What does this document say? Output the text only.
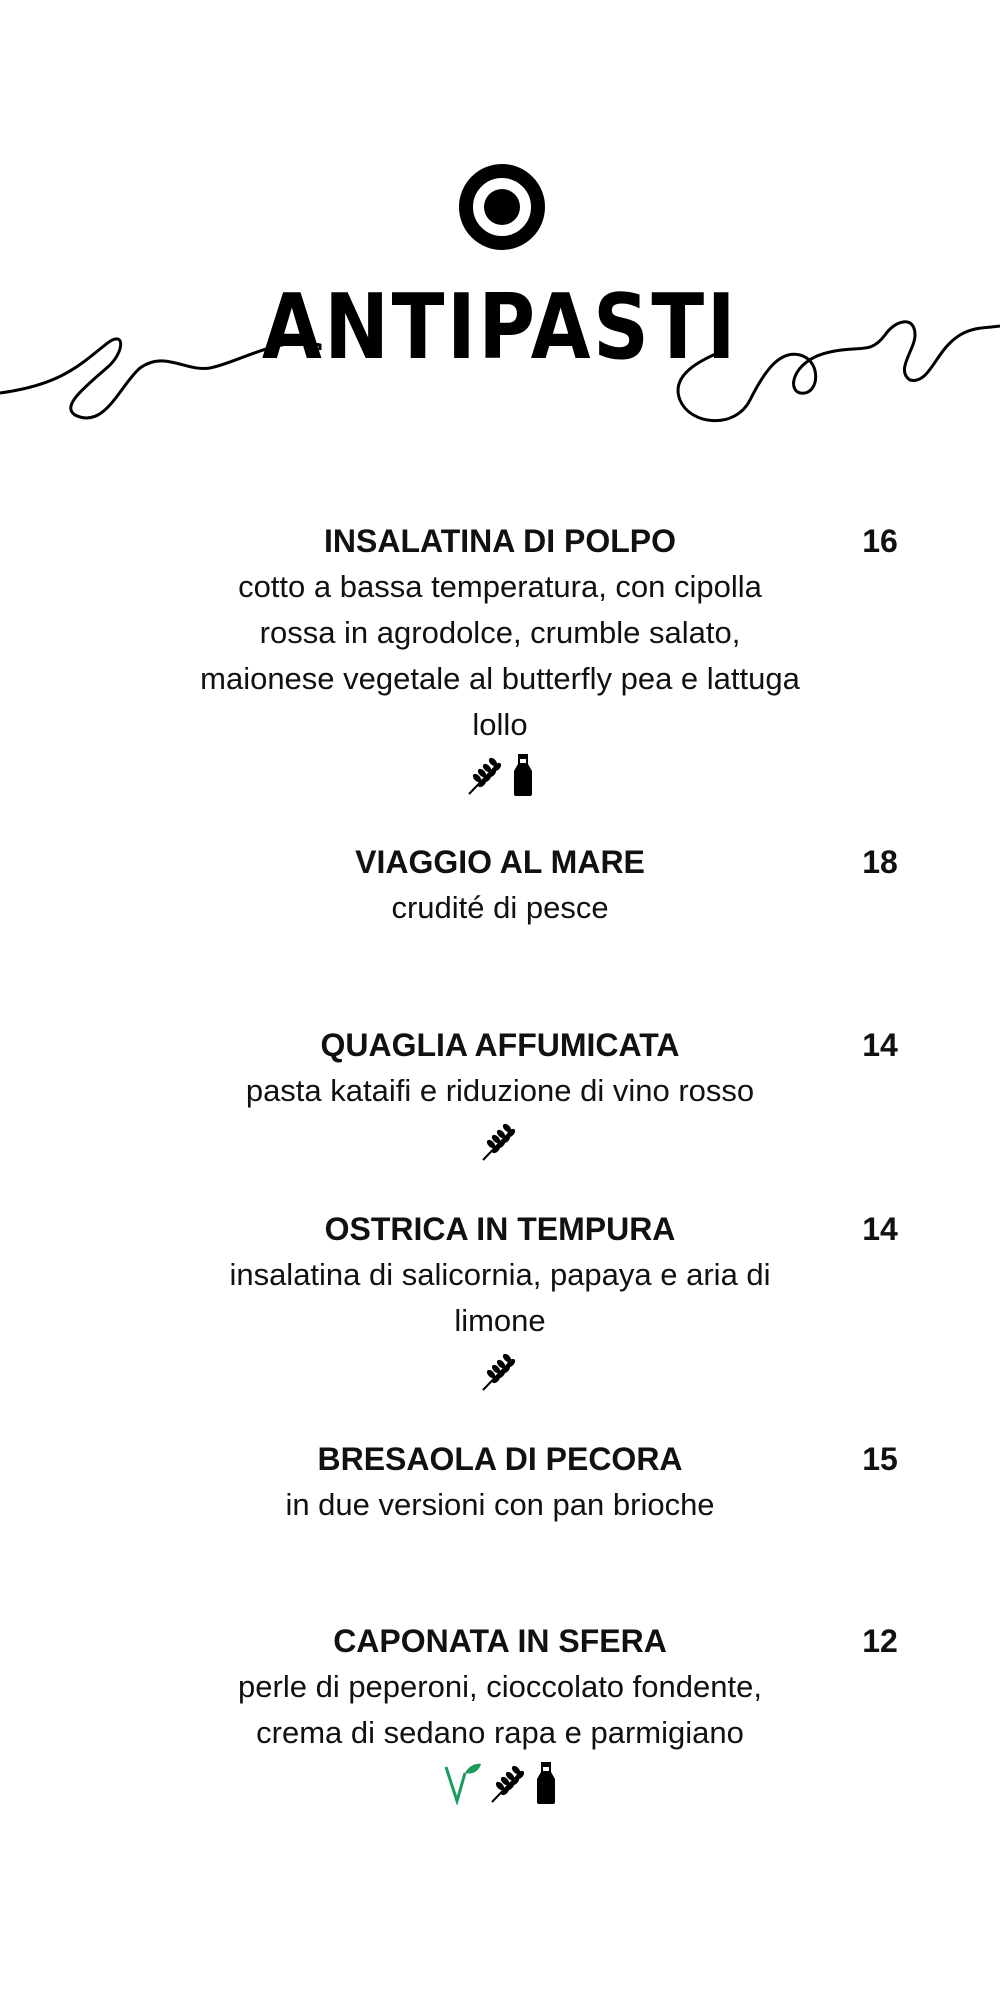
ANTIPASTI

INSALATINA DI POLPO

cotto a bassa temperatura, con cipolla rossa in agrodolce, crumble salato, maionese vegetale al butterfly pea e lattuga lollo

16

VIAGGIO AL MARE

crudité di pesce

18

QUAGLIA AFFUMICATA

pasta kataifi e riduzione di vino rosso

14

OSTRICA IN TEMPURA

insalatina di salicornia, papaya e aria di limone

14

BRESAOLA DI PECORA

in due versioni con pan brioche

15

CAPONATA IN SFERA

perle di peperoni, cioccolato fondente, crema di sedano rapa e parmigiano

12
